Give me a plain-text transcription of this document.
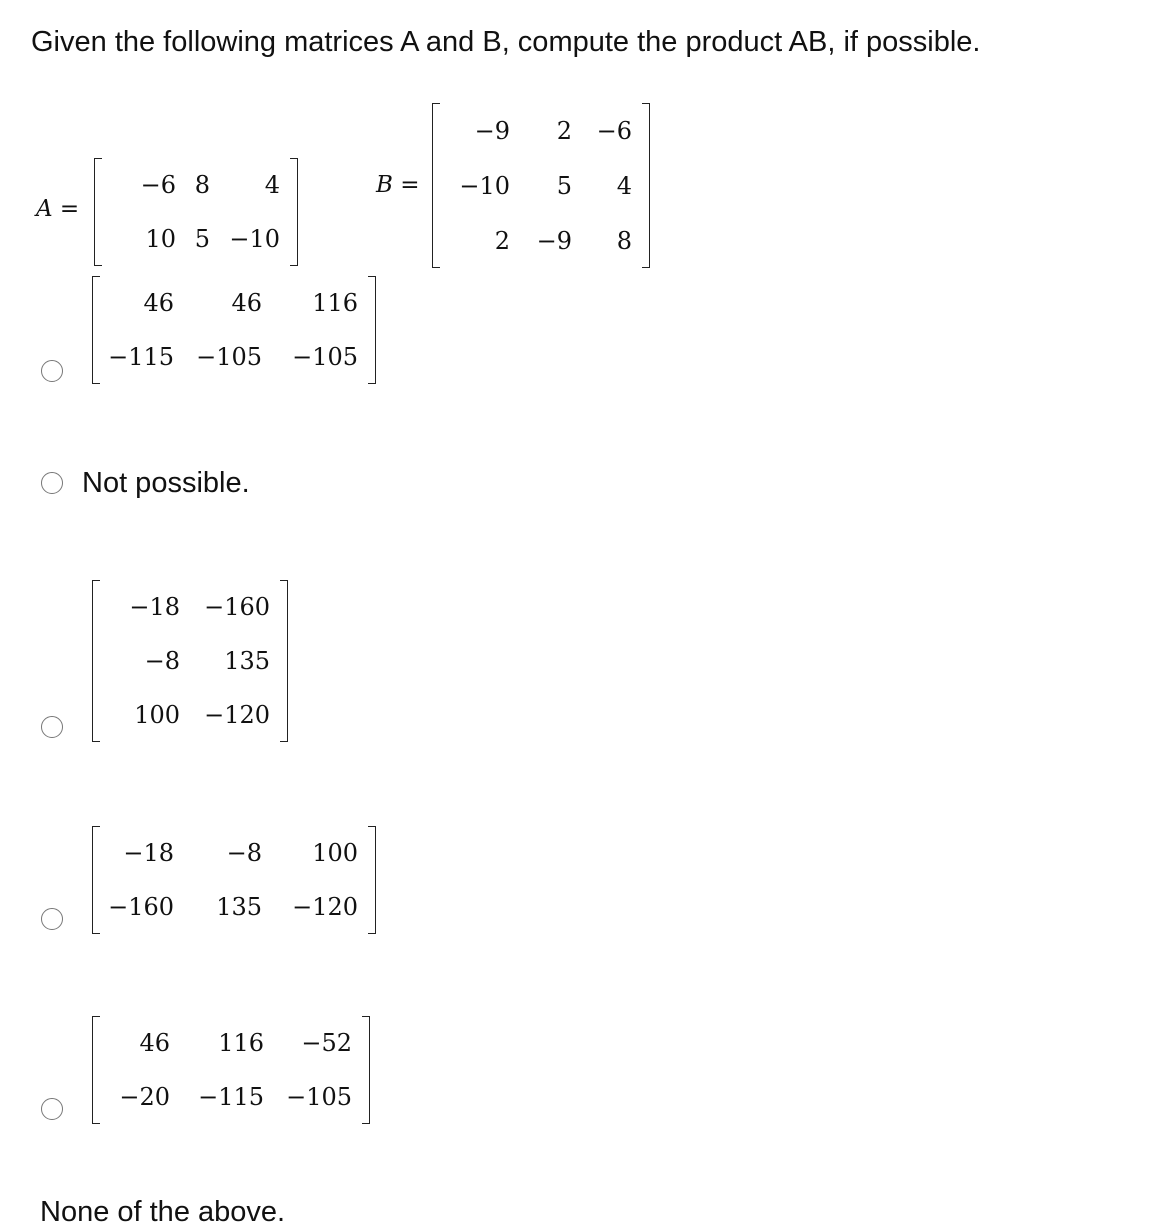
Given the following matrices A and B, compute the product AB, if possible.
A =
−6 8	4
10 5 −10
B =
−9	2	−6
−10	5	4
2	−9	8
46	46	116
−115 −105	−105
Not possible.
−18	−160
−8	135
100	−120
−18	−8	100
−160	135	−120
46	116	−52
−20	−115 −105
None of the above.
